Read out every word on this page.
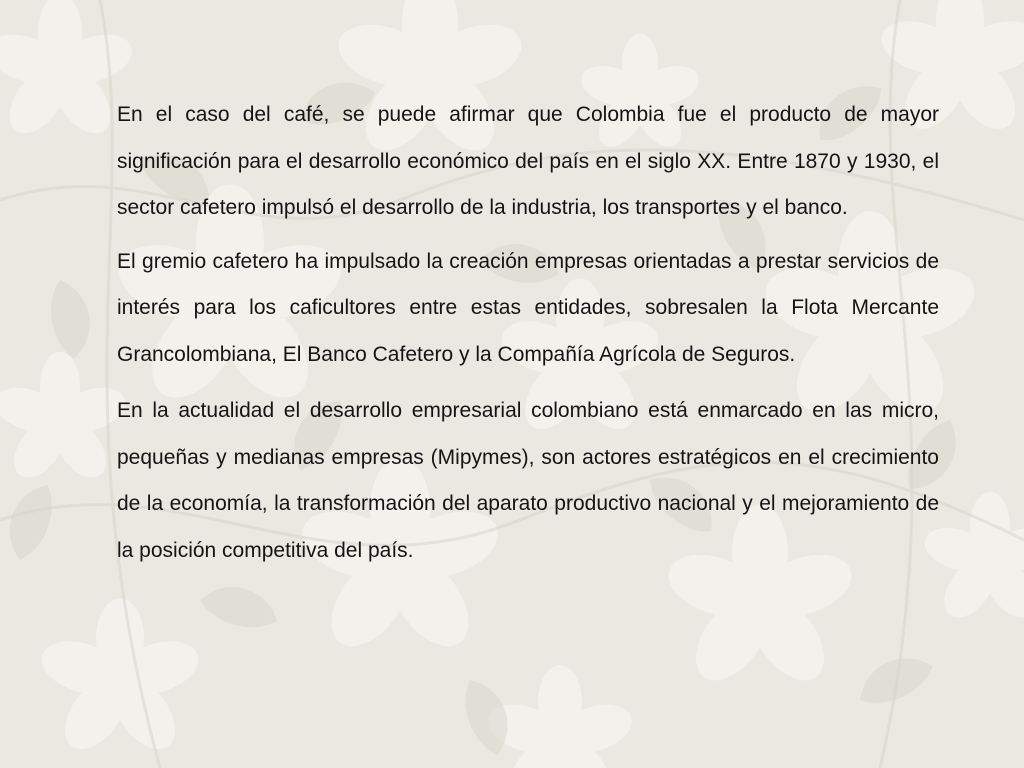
En el caso del café, se puede afirmar que Colombia fue el producto de mayor significación para el desarrollo económico del país en el siglo XX. Entre 1870 y 1930, el sector cafetero impulsó el desarrollo de la industria, los transportes y el banco.

El gremio cafetero ha impulsado la creación empresas orientadas a prestar servicios de interés para los caficultores entre estas entidades, sobresalen la Flota Mercante Grancolombiana, El Banco Cafetero y la Compañía Agrícola de Seguros.

En la actualidad el desarrollo empresarial colombiano está enmarcado en las micro, pequeñas y medianas empresas (Mipymes), son actores estratégicos en el crecimiento de la economía, la transformación del aparato productivo nacional y el mejoramiento de la posición competitiva del país.
